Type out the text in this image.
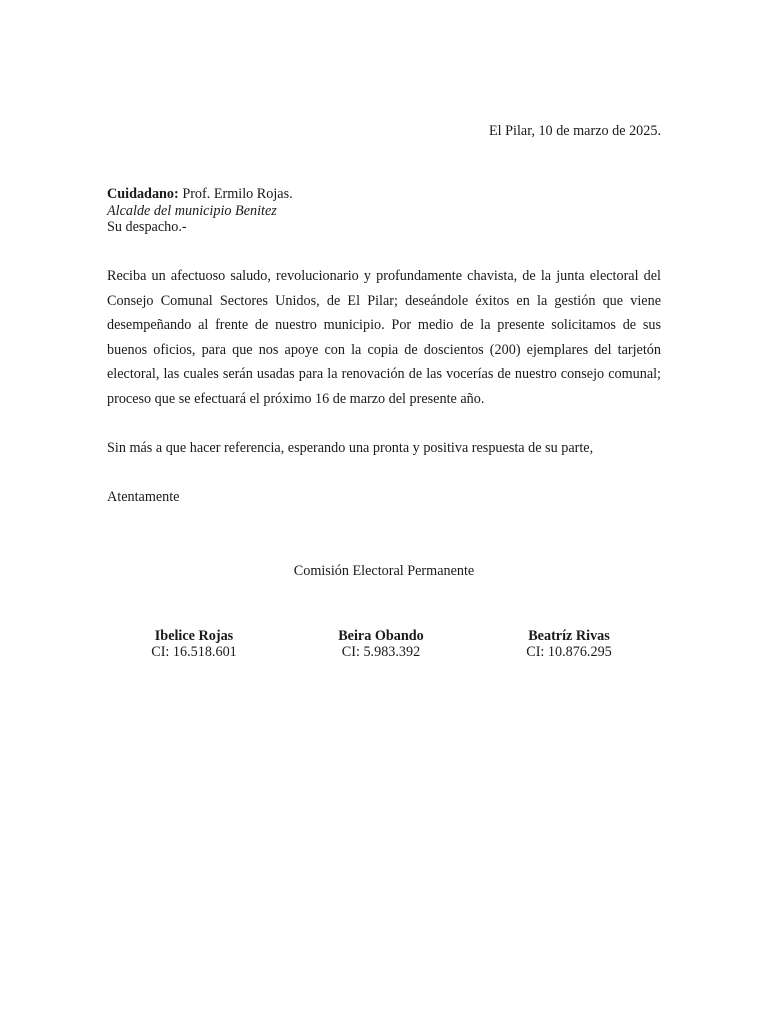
El Pilar, 10 de marzo de 2025.
Cuidadano: Prof. Ermilo Rojas.
Alcalde del municipio Benitez
Su despacho.-

Reciba un afectuoso saludo, revolucionario y profundamente chavista, de la junta electoral del Consejo Comunal Sectores Unidos, de El Pilar; deseándole éxitos en la gestión que viene desempeñando al frente de nuestro municipio. Por medio de la presente solicitamos de sus buenos oficios, para que nos apoye con la copia de doscientos (200) ejemplares del tarjetón electoral, las cuales serán usadas para la renovación de las vocerías de nuestro consejo comunal; proceso que se efectuará el próximo 16 de marzo del presente año.

Sin más a que hacer referencia, esperando una pronta y positiva respuesta de su parte,

Atentamente

Comisión Electoral Permanente

Ibelice Rojas
CI: 16.518.601
Beira Obando
CI: 5.983.392
Beatríz Rivas
CI: 10.876.295
